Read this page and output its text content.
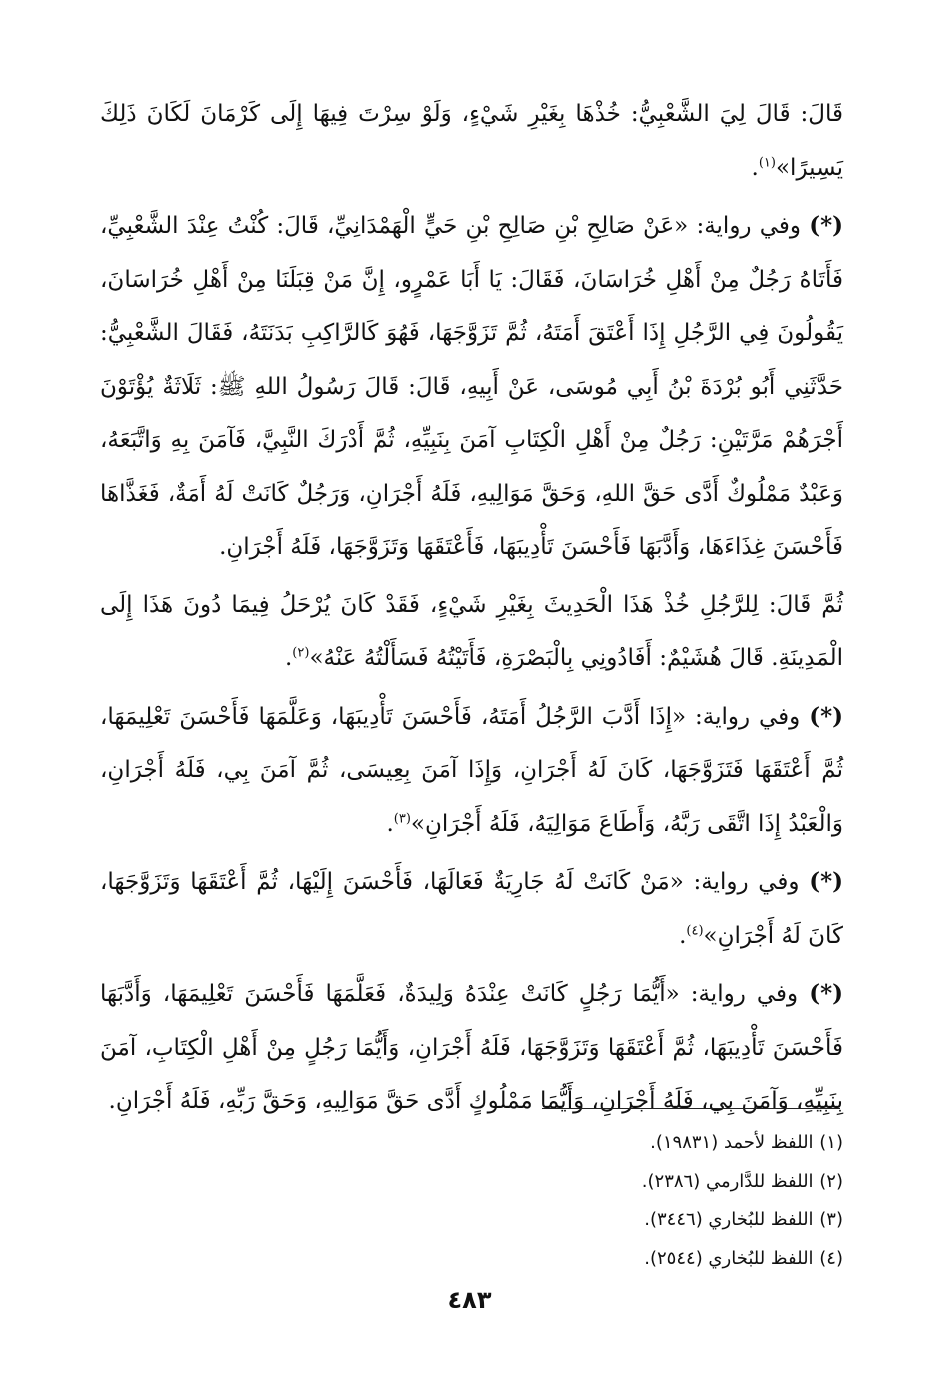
قَالَ: قَالَ لِيَ الشَّعْبِيُّ: خُذْهَا بِغَيْرِ شَيْءٍ، وَلَوْ سِرْتَ فِيهَا إِلَى كَرْمَانَ لَكَانَ ذَلِكَ يَسِيرًا»$^{(١)}$.

(*) وفي رواية: «عَنْ صَالِحِ بْنِ صَالِحِ بْنِ حَيٍّ الْهَمْدَانِيِّ، قَالَ: كُنْتُ عِنْدَ الشَّعْبِيِّ، فَأَتَاهُ رَجُلٌ مِنْ أَهْلِ خُرَاسَانَ، فَقَالَ: يَا أَبَا عَمْرٍو، إِنَّ مَنْ قِبَلَنَا مِنْ أَهْلِ خُرَاسَانَ، يَقُولُونَ فِي الرَّجُلِ إِذَا أَعْتَقَ أَمَتَهُ، ثُمَّ تَزَوَّجَهَا، فَهُوَ كَالرَّاكِبِ بَدَنَتَهُ، فَقَالَ الشَّعْبِيُّ: حَدَّثَنِي أَبُو بُرْدَةَ بْنُ أَبِي مُوسَى، عَنْ أَبِيهِ، قَالَ: قَالَ رَسُولُ اللهِ ﷺ: ثَلَاثَةٌ يُؤْتَوْنَ أَجْرَهُمْ مَرَّتَيْنِ: رَجُلٌ مِنْ أَهْلِ الْكِتَابِ آمَنَ بِنَبِيِّهِ، ثُمَّ أَدْرَكَ النَّبِيَّ، فَآمَنَ بِهِ وَاتَّبَعَهُ، وَعَبْدٌ مَمْلُوكٌ أَدَّى حَقَّ اللهِ، وَحَقَّ مَوَالِيهِ، فَلَهُ أَجْرَانِ، وَرَجُلٌ كَانَتْ لَهُ أَمَةٌ، فَغَذَّاهَا فَأَحْسَنَ غِذَاءَهَا، وَأَدَّبَهَا فَأَحْسَنَ تَأْدِيبَهَا، فَأَعْتَقَهَا وَتَزَوَّجَهَا، فَلَهُ أَجْرَانِ.

ثُمَّ قَالَ: لِلرَّجُلِ خُذْ هَذَا الْحَدِيثَ بِغَيْرِ شَيْءٍ، فَقَدْ كَانَ يُرْحَلُ فِيمَا دُونَ هَذَا إِلَى الْمَدِينَةِ. قَالَ هُشَيْمٌ: أَفَادُونِي بِالْبَصْرَةِ، فَأَتَيْتُهُ فَسَأَلْتُهُ عَنْهُ»$^{(٢)}$.

(*) وفي رواية: «إِذَا أَدَّبَ الرَّجُلُ أَمَتَهُ، فَأَحْسَنَ تَأْدِيبَهَا، وَعَلَّمَهَا فَأَحْسَنَ تَعْلِيمَهَا، ثُمَّ أَعْتَقَهَا فَتَزَوَّجَهَا، كَانَ لَهُ أَجْرَانِ، وَإِذَا آمَنَ بِعِيسَى، ثُمَّ آمَنَ بِي، فَلَهُ أَجْرَانِ، وَالْعَبْدُ إِذَا اتَّقَى رَبَّهُ، وَأَطَاعَ مَوَالِيَهُ، فَلَهُ أَجْرَانِ»$^{(٣)}$.

(*) وفي رواية: «مَنْ كَانَتْ لَهُ جَارِيَةٌ فَعَالَهَا، فَأَحْسَنَ إِلَيْهَا، ثُمَّ أَعْتَقَهَا وَتَزَوَّجَهَا، كَانَ لَهُ أَجْرَانِ»$^{(٤)}$.

(*) وفي رواية: «أَيُّمَا رَجُلٍ كَانَتْ عِنْدَهُ وَلِيدَةٌ، فَعَلَّمَهَا فَأَحْسَنَ تَعْلِيمَهَا، وَأَدَّبَهَا فَأَحْسَنَ تَأْدِيبَهَا، ثُمَّ أَعْتَقَهَا وَتَزَوَّجَهَا، فَلَهُ أَجْرَانِ، وَأَيُّمَا رَجُلٍ مِنْ أَهْلِ الْكِتَابِ، آمَنَ بِنَبِيِّهِ، وَآمَنَ بِي، فَلَهُ أَجْرَانِ، وَأَيُّمَا مَمْلُوكٍ أَدَّى حَقَّ مَوَالِيهِ، وَحَقَّ رَبِّهِ، فَلَهُ أَجْرَانِ.

(١) اللفظ لأحمد (١٩٨٣١).
(٢) اللفظ للدَّارمي (٢٣٨٦).
(٣) اللفظ للبُخاري (٣٤٤٦).
(٤) اللفظ للبُخاري (٢٥٤٤).
٤٨٣
